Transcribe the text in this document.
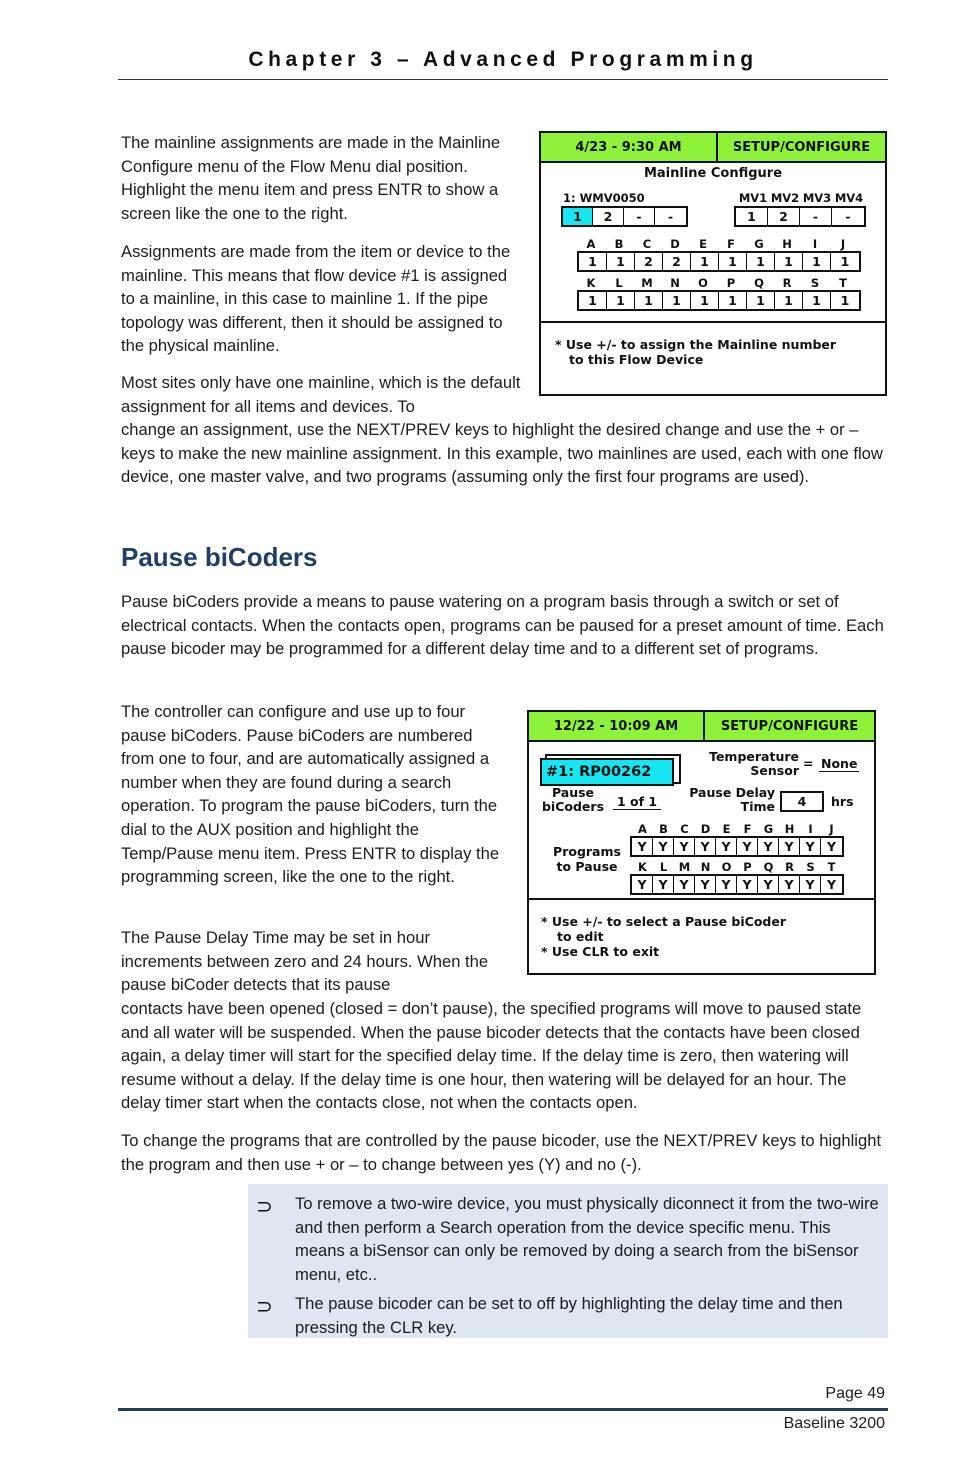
Chapter 3 – Advanced Programming

The mainline assignments are made in the Mainline Configure menu of the Flow Menu dial position. Highlight the menu item and press ENTR to show a screen like the one to the right.

Assignments are made from the item or device to the mainline. This means that flow device #1 is assigned to a mainline, in this case to mainline 1. If the pipe topology was different, then it should be assigned to the physical mainline.

Most sites only have one mainline, which is the default assignment for all items and devices. To

change an assignment, use the NEXT/PREV keys to highlight the desired change and use the + or – keys to make the new mainline assignment. In this example, two mainlines are used, each with one flow device, one master valve, and two programs (assuming only the first four programs are used).

4/23 - 9:30 AM	SETUP/CONFIGURE
Mainline Configure
1: WMV0050	MV1 MV2 MV3 MV4
1	2	-	-	1	2	-	-
A	B	C	D	E	F	G	H	I	J
1	1	2	2	1	1	1	1	1	1
K	L	M	N	O	P	Q	R	S	T
1	1	1	1	1	1	1	1	1	1
* Use +/- to assign the Mainline number
to this Flow Device
Pause biCoders

Pause biCoders provide a means to pause watering on a program basis through a switch or set of electrical contacts. When the contacts open, programs can be paused for a preset amount of time. Each pause bicoder may be programmed for a different delay time and to a different set of programs.

The controller can configure and use up to four pause biCoders. Pause biCoders are numbered from one to four, and are automatically assigned a number when they are found during a search operation. To program the pause biCoders, turn the dial to the AUX position and highlight the Temp/Pause menu item. Press ENTR to display the programming screen, like the one to the right.

The Pause Delay Time may be set in hour increments between zero and 24 hours. When the pause biCoder detects that its pause

contacts have been opened (closed = don’t pause), the specified programs will move to paused state and all water will be suspended. When the pause bicoder detects that the contacts have been closed again, a delay timer will start for the specified delay time. If the delay time is zero, then watering will resume without a delay. If the delay time is one hour, then watering will be delayed for an hour. The delay timer start when the contacts close, not when the contacts open.

To change the programs that are controlled by the pause bicoder, use the NEXT/PREV keys to highlight the program and then use + or – to change between yes (Y) and no (-).

12/22 - 10:09 AM	SETUP/CONFIGURE
#1: RP00262
Temperature
Sensor = None
Pause
biCoders	1 of 1
Pause Delay
Time	4	hrs
Programs
to Pause
A	B	C	D	E	F	G H	I	J
Y Y Y Y Y Y Y Y Y Y
K	L	M N O	P	Q	R	S	T
Y Y Y Y Y Y Y Y Y Y
* Use +/- to select a Pause biCoder
to edit
* Use CLR to exit
⊃ To remove a two-wire device, you must physically diconnect it from the two-wire and then perform a Search operation from the device specific menu. This means a biSensor can only be removed by doing a search from the biSensor menu, etc..
⊃ The pause bicoder can be set to off by highlighting the delay time and then pressing the CLR key.
Page 49
Baseline 3200
